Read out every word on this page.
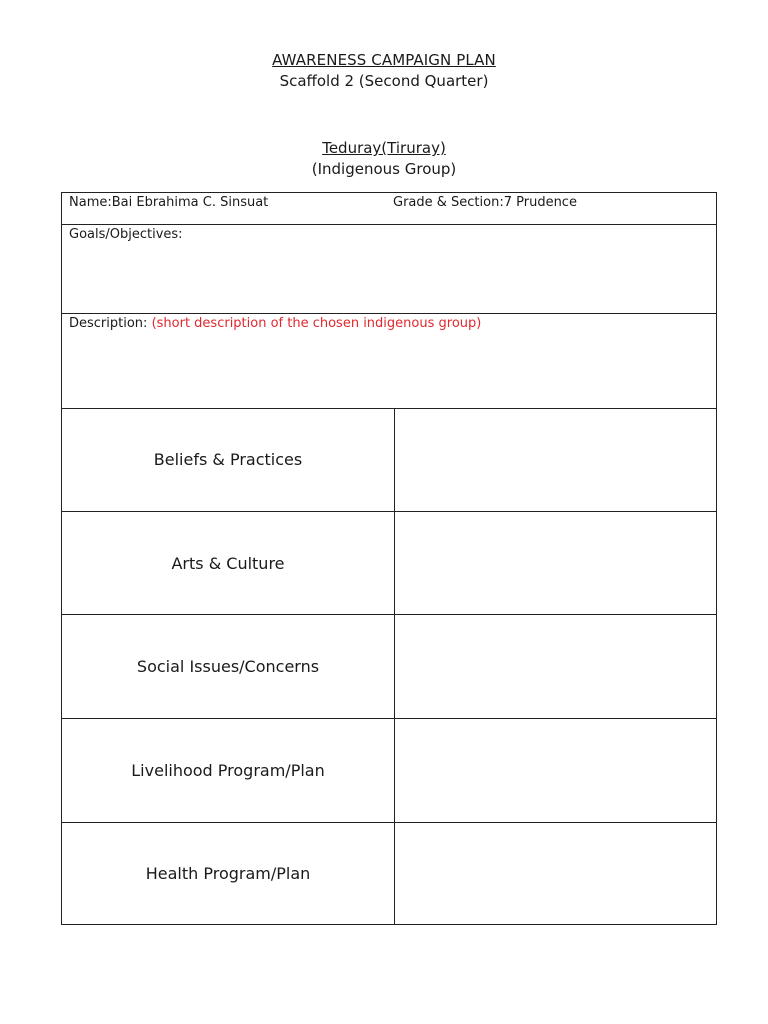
AWARENESS CAMPAIGN PLAN
Scaffold 2 (Second Quarter)
Teduray(Tiruray)
(Indigenous Group)
Name:Bai Ebrahima C. Sinsuat	Grade & Section:7 Prudence
Goals/Objectives:
Description: (short description of the chosen indigenous group)
Beliefs & Practices
Arts & Culture
Social Issues/Concerns
Livelihood Program/Plan
Health Program/Plan
